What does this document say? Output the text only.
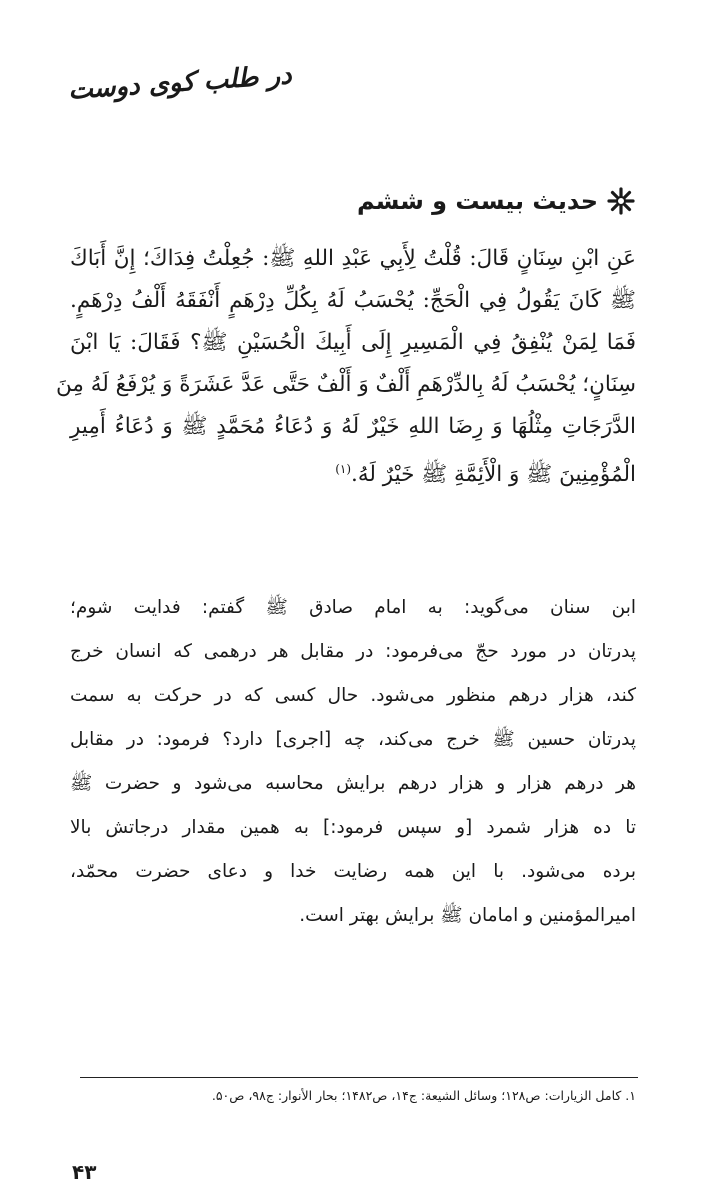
در طلب کوی دوست
حدیث بیست و ششم
عَنِ ابْنِ سِنَانٍ قَالَ: قُلْتُ لِأَبِي عَبْدِ اللهِ ﷺ: جُعِلْتُ فِدَاكَ؛ إِنَّ أَبَاكَ
ﷺ كَانَ يَقُولُ فِي الْحَجِّ: يُحْسَبُ لَهُ بِكُلِّ دِرْهَمٍ أَنْفَقَهُ أَلْفُ دِرْهَمٍ.
فَمَا لِمَنْ يُنْفِقُ فِي الْمَسِيرِ إِلَى أَبِيكَ الْحُسَيْنِ ﷺ؟ فَقَالَ: يَا ابْنَ
سِنَانٍ؛ يُحْسَبُ لَهُ بِالدِّرْهَمِ أَلْفٌ وَ أَلْفٌ حَتَّى عَدَّ عَشَرَةً وَ يُرْفَعُ لَهُ مِنَ
الدَّرَجَاتِ مِثْلُهَا وَ رِضَا اللهِ خَيْرٌ لَهُ وَ دُعَاءُ مُحَمَّدٍ ﷺ وَ دُعَاءُ أَمِيرِ
الْمُؤْمِنِينَ ﷺ وَ الْأَئِمَّةِ ﷺ خَيْرٌ لَهُ.$^{(۱)}$
ابن سنان می‌گوید: به امام صادق ﷺ گفتم: فدایت شوم؛
پدرتان در مورد حجّ می‌فرمود: در مقابل هر درهمی که انسان خرج
کند، هزار درهم منظور می‌شود. حال کسی که در حرکت به سمت
پدرتان حسین ﷺ خرج می‌کند، چه [اجری] دارد؟ فرمود: در مقابل
هر درهم هزار و هزار درهم برایش محاسبه می‌شود و حضرت ﷺ
تا ده هزار شمرد [و سپس فرمود:] به همین مقدار درجاتش بالا
برده می‌شود. با این همه رضایت خدا و دعای حضرت محمّد،
امیرالمؤمنین و امامان ﷺ برایش بهتر است.
۱. کامل الزیارات: ص۱۲۸؛ وسائل الشیعة: ج۱۴، ص۱۴۸۲؛ بحار الأنوار: ج۹۸، ص۵۰.
۴۳
